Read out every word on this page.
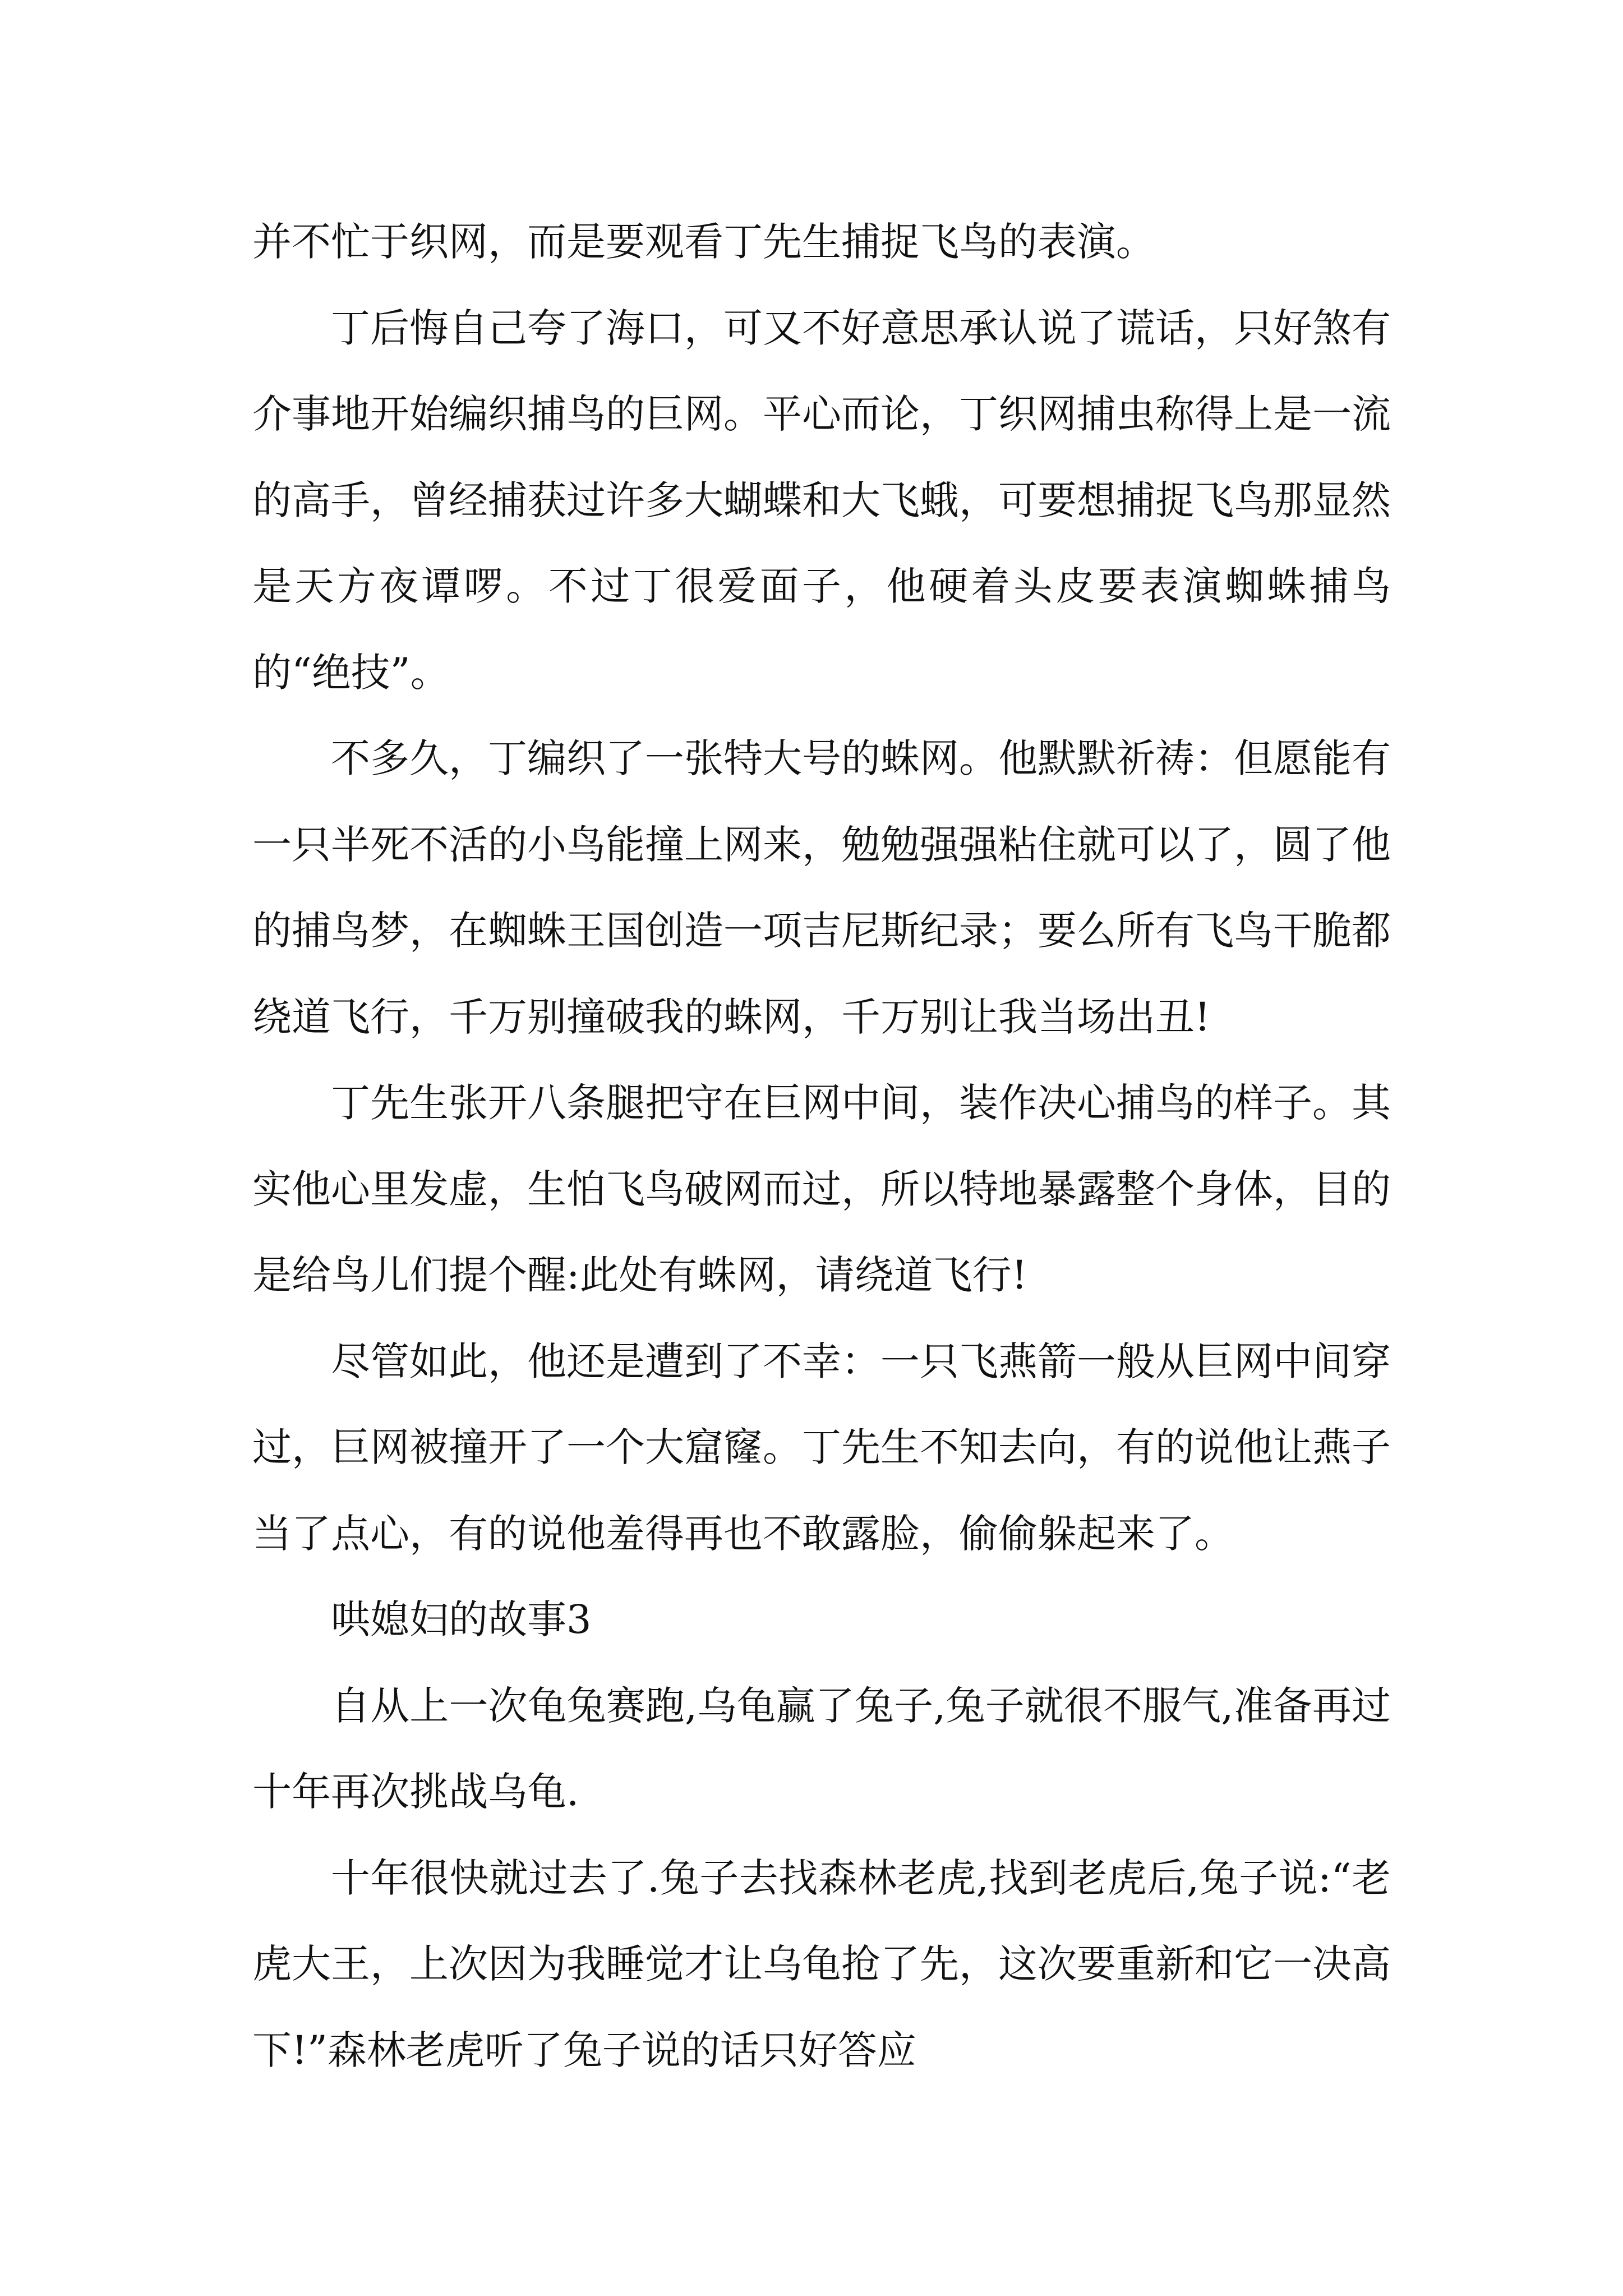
并不忙于织网，而是要观看丁先生捕捉飞鸟的表演。

丁后悔自己夸了海口，可又不好意思承认说了谎话，只好煞有介事地开始编织捕鸟的巨网。平心而论，丁织网捕虫称得上是一流的高手，曾经捕获过许多大蝴蝶和大飞蛾，可要想捕捉飞鸟那显然是天方夜谭啰。不过丁很爱面子，他硬着头皮要表演蜘蛛捕鸟的“绝技”。

不多久，丁编织了一张特大号的蛛网。他默默祈祷：但愿能有一只半死不活的小鸟能撞上网来，勉勉强强粘住就可以了，圆了他的捕鸟梦，在蜘蛛王国创造一项吉尼斯纪录；要么所有飞鸟干脆都绕道飞行，千万别撞破我的蛛网，千万别让我当场出丑!

丁先生张开八条腿把守在巨网中间，装作决心捕鸟的样子。其实他心里发虚，生怕飞鸟破网而过，所以特地暴露整个身体，目的是给鸟儿们提个醒:此处有蛛网，请绕道飞行!

尽管如此，他还是遭到了不幸：一只飞燕箭一般从巨网中间穿过，巨网被撞开了一个大窟窿。丁先生不知去向，有的说他让燕子当了点心，有的说他羞得再也不敢露脸，偷偷躲起来了。

哄媳妇的故事3

自从上一次龟兔赛跑,乌龟赢了兔子,兔子就很不服气,准备再过十年再次挑战乌龟.

十年很快就过去了.兔子去找森林老虎,找到老虎后,兔子说:“老虎大王，上次因为我睡觉才让乌龟抢了先，这次要重新和它一决高下!”森林老虎听了兔子说的话只好答应
